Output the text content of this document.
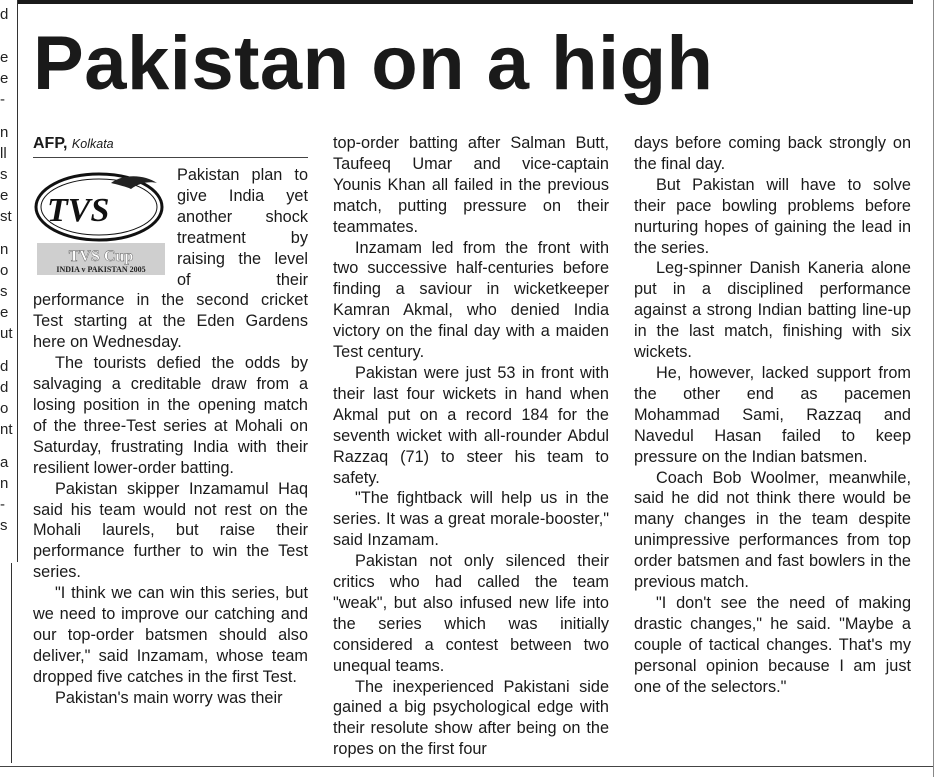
d
e
e
-
n
ll
s
e
st
n
o
s
e
ut
d
d
o
nt
a
n
-
s
Pakistan on a high
AFP, Kolkata
TVS
TVS Cup
INDIA v PAKISTAN 2005

Pakistan plan to give India yet another shock treatment by raising the level of their performance in the second cricket Test starting at the Eden Gardens here on Wednesday.

The tourists defied the odds by salvaging a creditable draw from a losing position in the opening match of the three-Test series at Mohali on Saturday, frustrating India with their resilient lower-order batting.

Pakistan skipper Inzamamul Haq said his team would not rest on the Mohali laurels, but raise their performance further to win the Test series.

"I think we can win this series, but we need to improve our catching and our top-order batsmen should also deliver," said Inzamam, whose team dropped five catches in the first Test.

Pakistan's main worry was their

top-order batting after Salman Butt, Taufeeq Umar and vice-captain Younis Khan all failed in the previous match, putting pressure on their teammates.

Inzamam led from the front with two successive half-centuries before finding a saviour in wicketkeeper Kamran Akmal, who denied India victory on the final day with a maiden Test century.

Pakistan were just 53 in front with their last four wickets in hand when Akmal put on a record 184 for the seventh wicket with all-rounder Abdul Razzaq (71) to steer his team to safety.

"The fightback will help us in the series. It was a great morale-booster," said Inzamam.

Pakistan not only silenced their critics who had called the team "weak", but also infused new life into the series which was initially considered a contest between two unequal teams.

The inexperienced Pakistani side gained a big psychological edge with their resolute show after being on the ropes on the first four

days before coming back strongly on the final day.

But Pakistan will have to solve their pace bowling problems before nurturing hopes of gaining the lead in the series.

Leg-spinner Danish Kaneria alone put in a disciplined performance against a strong Indian batting line-up in the last match, finishing with six wickets.

He, however, lacked support from the other end as pacemen Mohammad Sami, Razzaq and Navedul Hasan failed to keep pressure on the Indian batsmen.

Coach Bob Woolmer, meanwhile, said he did not think there would be many changes in the team despite unimpressive performances from top order batsmen and fast bowlers in the previous match.

"I don't see the need of making drastic changes," he said. "Maybe a couple of tactical changes. That's my personal opinion because I am just one of the selectors."
